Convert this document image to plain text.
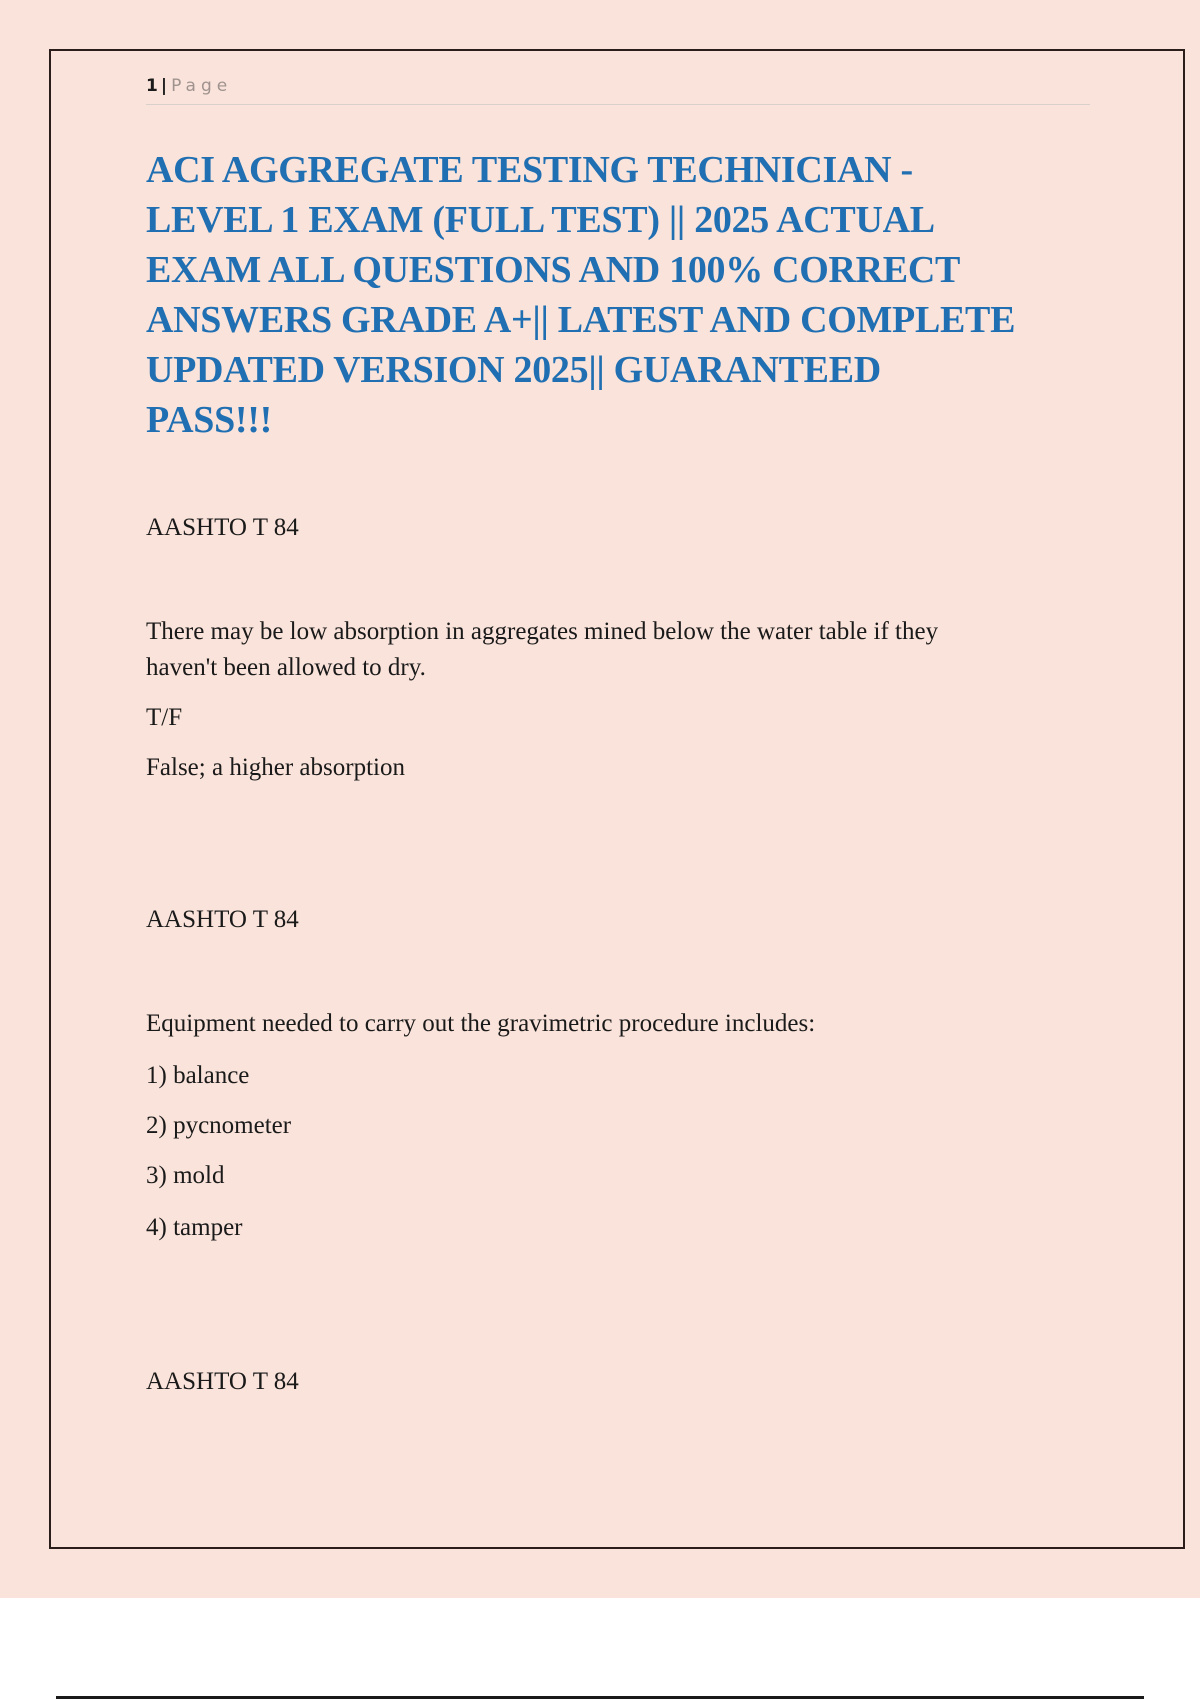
1 | Page
ACI AGGREGATE TESTING TECHNICIAN -
LEVEL 1 EXAM (FULL TEST) || 2025 ACTUAL
EXAM ALL QUESTIONS AND 100% CORRECT
ANSWERS GRADE A+|| LATEST AND COMPLETE
UPDATED VERSION 2025|| GUARANTEED
PASS!!!

AASHTO T 84

There may be low absorption in aggregates mined below the water table if they
haven't been allowed to dry.

T/F

False; a higher absorption

AASHTO T 84

Equipment needed to carry out the gravimetric procedure includes:

1) balance

2) pycnometer

3) mold

4) tamper

AASHTO T 84
